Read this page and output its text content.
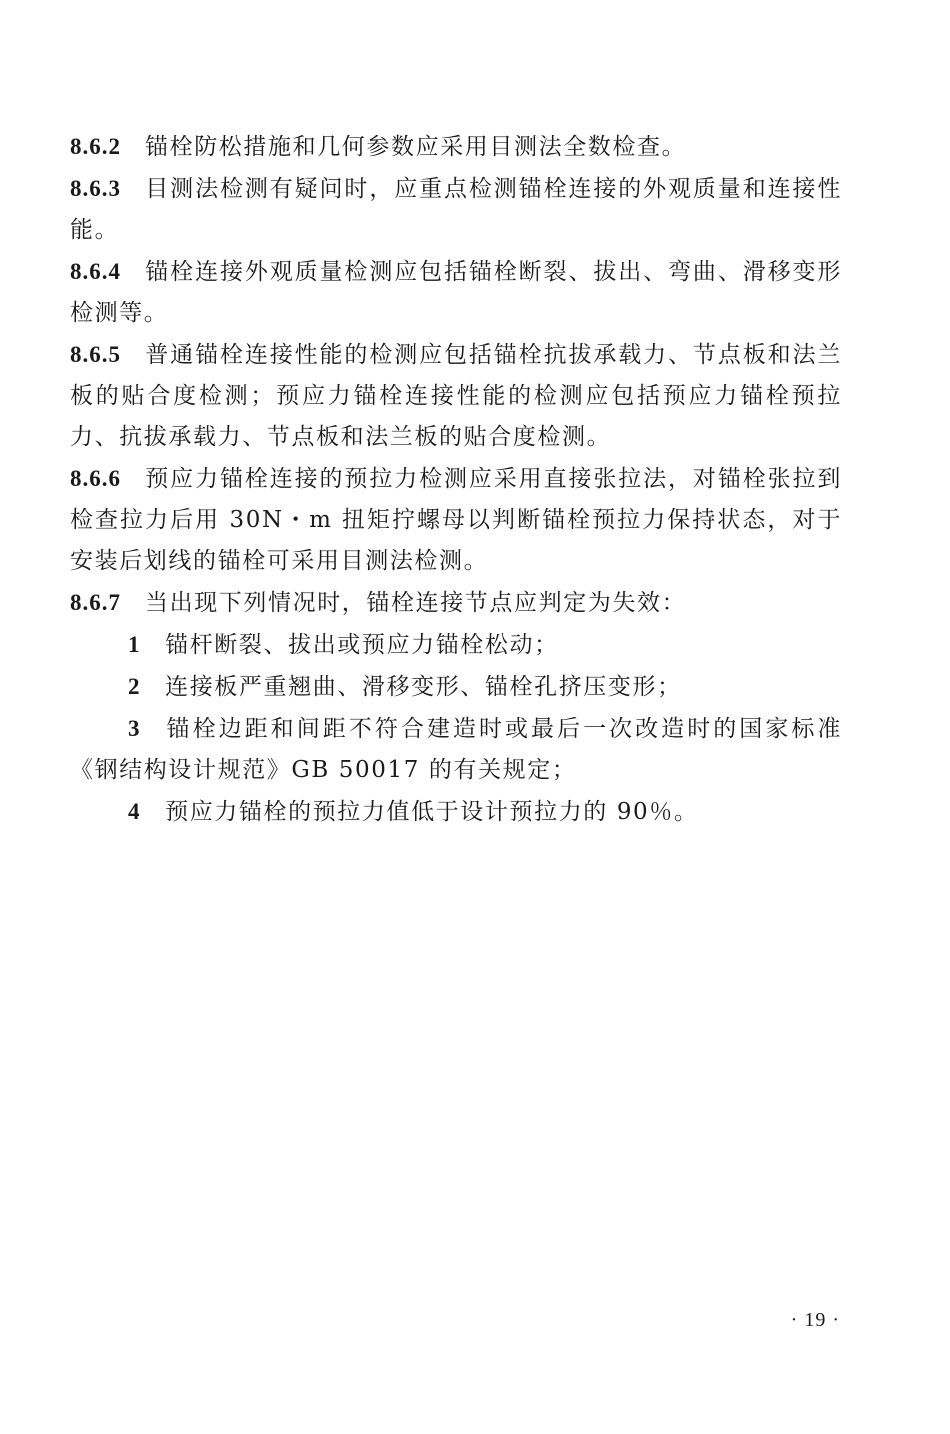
8.6.2 锚栓防松措施和几何参数应采用目测法全数检查。

8.6.3 目测法检测有疑问时，应重点检测锚栓连接的外观质量和连接性能。

8.6.4 锚栓连接外观质量检测应包括锚栓断裂、拔出、弯曲、滑移变形检测等。

8.6.5 普通锚栓连接性能的检测应包括锚栓抗拔承载力、节点板和法兰板的贴合度检测；预应力锚栓连接性能的检测应包括预应力锚栓预拉力、抗拔承载力、节点板和法兰板的贴合度检测。

8.6.6 预应力锚栓连接的预拉力检测应采用直接张拉法，对锚栓张拉到检查拉力后用 30N・m 扭矩拧螺母以判断锚栓预拉力保持状态，对于安装后划线的锚栓可采用目测法检测。

8.6.7 当出现下列情况时，锚栓连接节点应判定为失效：

1 锚杆断裂、拔出或预应力锚栓松动；

2 连接板严重翘曲、滑移变形、锚栓孔挤压变形；

3 锚栓边距和间距不符合建造时或最后一次改造时的国家标准《钢结构设计规范》GB 50017 的有关规定；

4 预应力锚栓的预拉力值低于设计预拉力的 90％。

· 19 ·
